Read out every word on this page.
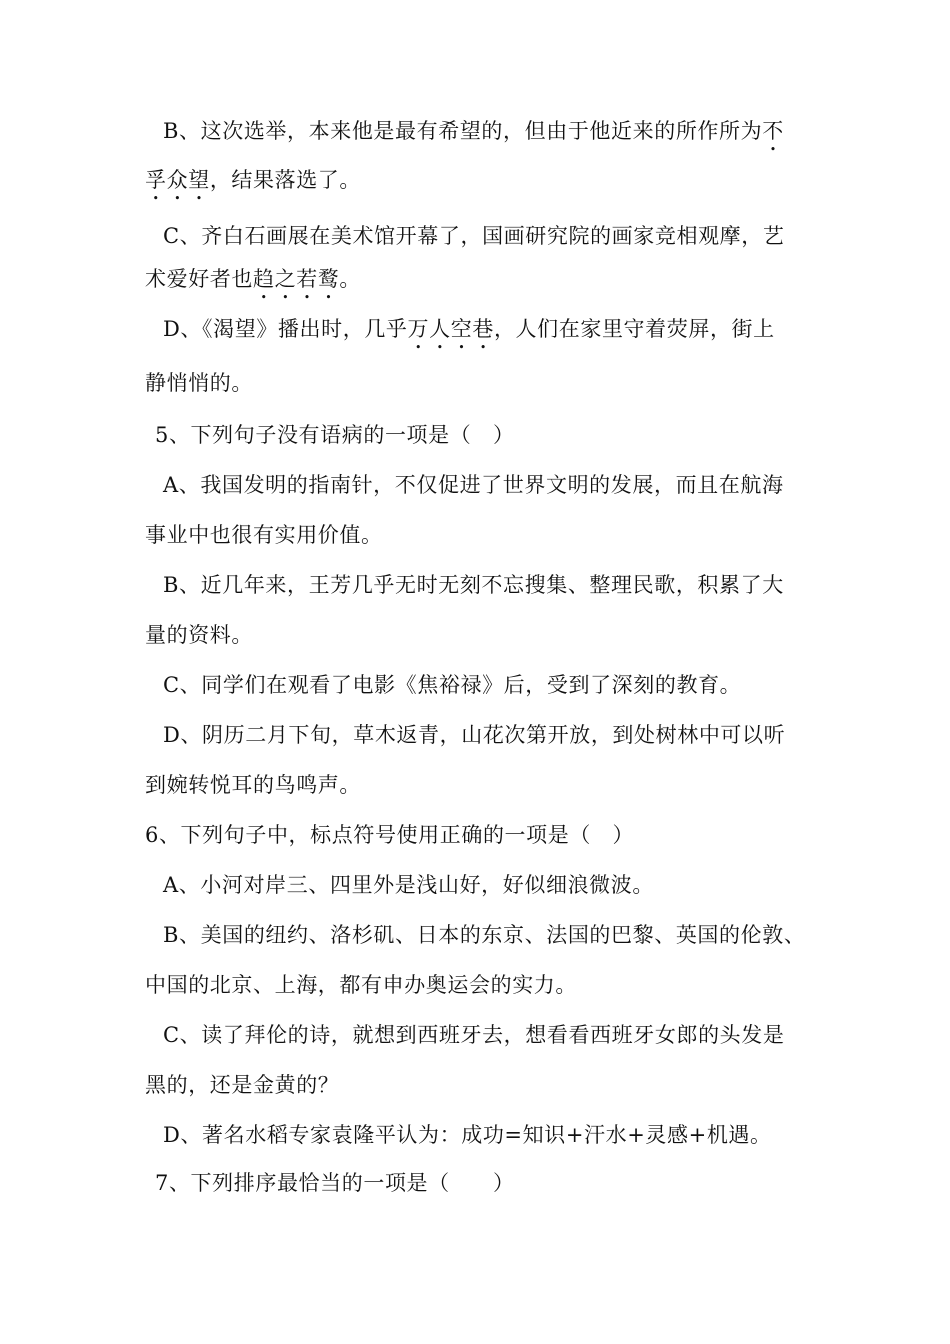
B、这次选举，本来他是最有希望的，但由于他近来的所作所为不
孚众望，结果落选了。
C、齐白石画展在美术馆开幕了，国画研究院的画家竞相观摩，艺
术爱好者也趋之若鹜。
D、《渴望》播出时，几乎万人空巷，人们在家里守着荧屏，街上
静悄悄的。
5、下列句子没有语病的一项是（　）
A、我国发明的指南针，不仅促进了世界文明的发展，而且在航海
事业中也很有实用价值。
B、近几年来，王芳几乎无时无刻不忘搜集、整理民歌，积累了大
量的资料。
C、同学们在观看了电影《焦裕禄》后，受到了深刻的教育。
D、阴历二月下旬，草木返青，山花次第开放，到处树林中可以听
到婉转悦耳的鸟鸣声。
6、下列句子中，标点符号使用正确的一项是（　）
A、小河对岸三、四里外是浅山好，好似细浪微波。
B、美国的纽约、洛杉矶、日本的东京、法国的巴黎、英国的伦敦、
中国的北京、上海，都有申办奥运会的实力。
C、读了拜伦的诗，就想到西班牙去，想看看西班牙女郎的头发是
黑的，还是金黄的？
D、著名水稻专家袁隆平认为：成功=知识+汗水+灵感+机遇。
7、下列排序最恰当的一项是（　　）
